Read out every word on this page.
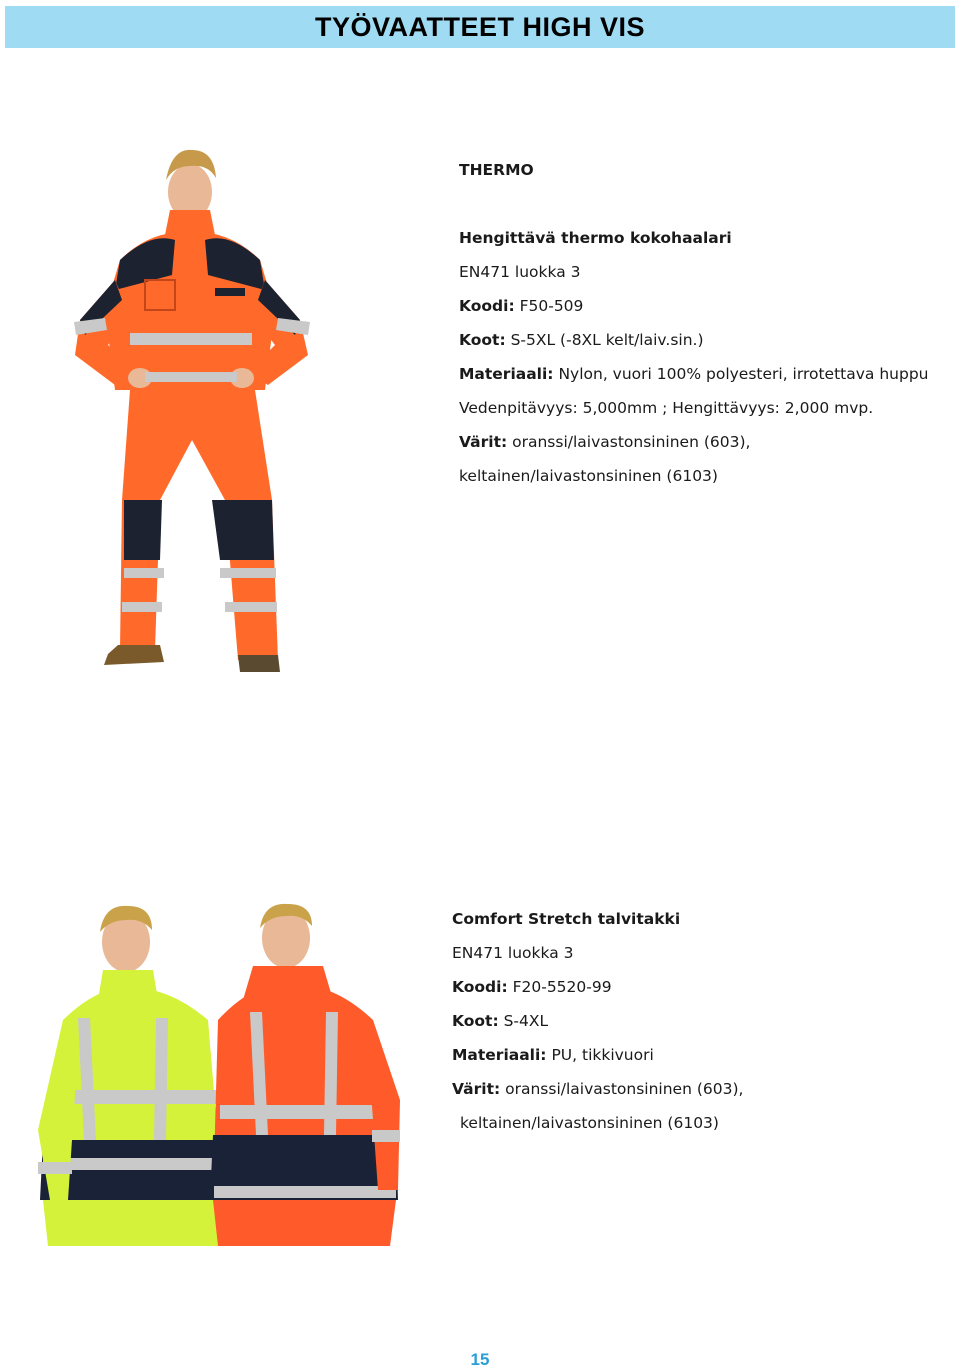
TYÖVAATTEET HIGH VIS
THERMO
Hengittävä thermo kokohaalari
EN471 luokka 3
Koodi: F50-509
Koot: S-5XL (-8XL kelt/laiv.sin.)
Materiaali: Nylon, vuori 100% polyesteri, irrotettava huppu
Vedenpitävyys: 5,000mm ; Hengittävyys: 2,000 mvp.
Värit: oranssi/laivastonsininen (603),
keltainen/laivastonsininen (6103)
Comfort Stretch talvitakki
EN471 luokka 3
Koodi: F20-5520-99
Koot: S-4XL
Materiaali: PU, tikkivuori
Värit: oranssi/laivastonsininen (603),
keltainen/laivastonsininen (6103)
15
